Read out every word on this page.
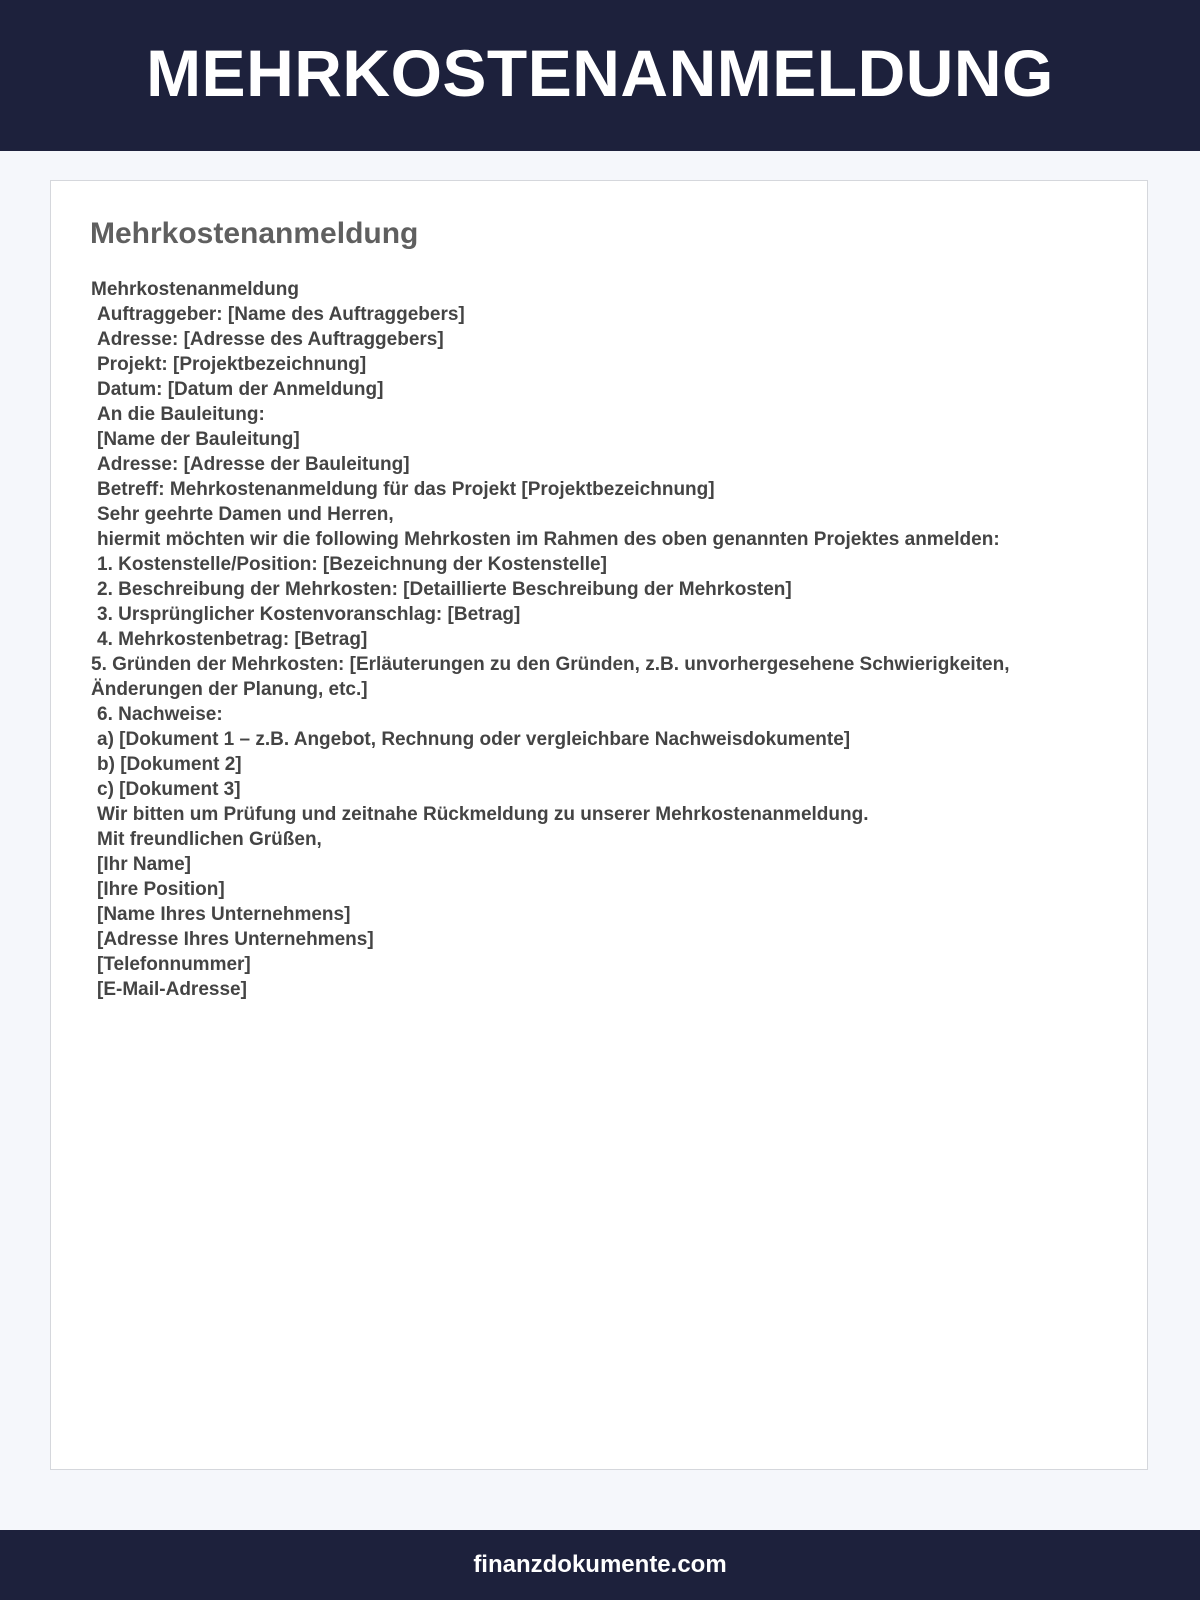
MEHRKOSTENANMELDUNG
Mehrkostenanmeldung

Mehrkostenanmeldung

Auftraggeber: [Name des Auftraggebers]

Adresse: [Adresse des Auftraggebers]

Projekt: [Projektbezeichnung]

Datum: [Datum der Anmeldung]

An die Bauleitung:

[Name der Bauleitung]

Adresse: [Adresse der Bauleitung]

Betreff: Mehrkostenanmeldung für das Projekt [Projektbezeichnung]

Sehr geehrte Damen und Herren,

hiermit möchten wir die following Mehrkosten im Rahmen des oben genannten Projektes anmelden:

1. Kostenstelle/Position: [Bezeichnung der Kostenstelle]

2. Beschreibung der Mehrkosten: [Detaillierte Beschreibung der Mehrkosten]

3. Ursprünglicher Kostenvoranschlag: [Betrag]

4. Mehrkostenbetrag: [Betrag]

5. Gründen der Mehrkosten: [Erläuterungen zu den Gründen, z.B. unvorhergesehene Schwierigkeiten, Änderungen der Planung, etc.]

6. Nachweise:

a) [Dokument 1 – z.B. Angebot, Rechnung oder vergleichbare Nachweisdokumente]

b) [Dokument 2]

c) [Dokument 3]

Wir bitten um Prüfung und zeitnahe Rückmeldung zu unserer Mehrkostenanmeldung.

Mit freundlichen Grüßen,

[Ihr Name]

[Ihre Position]

[Name Ihres Unternehmens]

[Adresse Ihres Unternehmens]

[Telefonnummer]

[E-Mail-Adresse]

finanzdokumente.com
